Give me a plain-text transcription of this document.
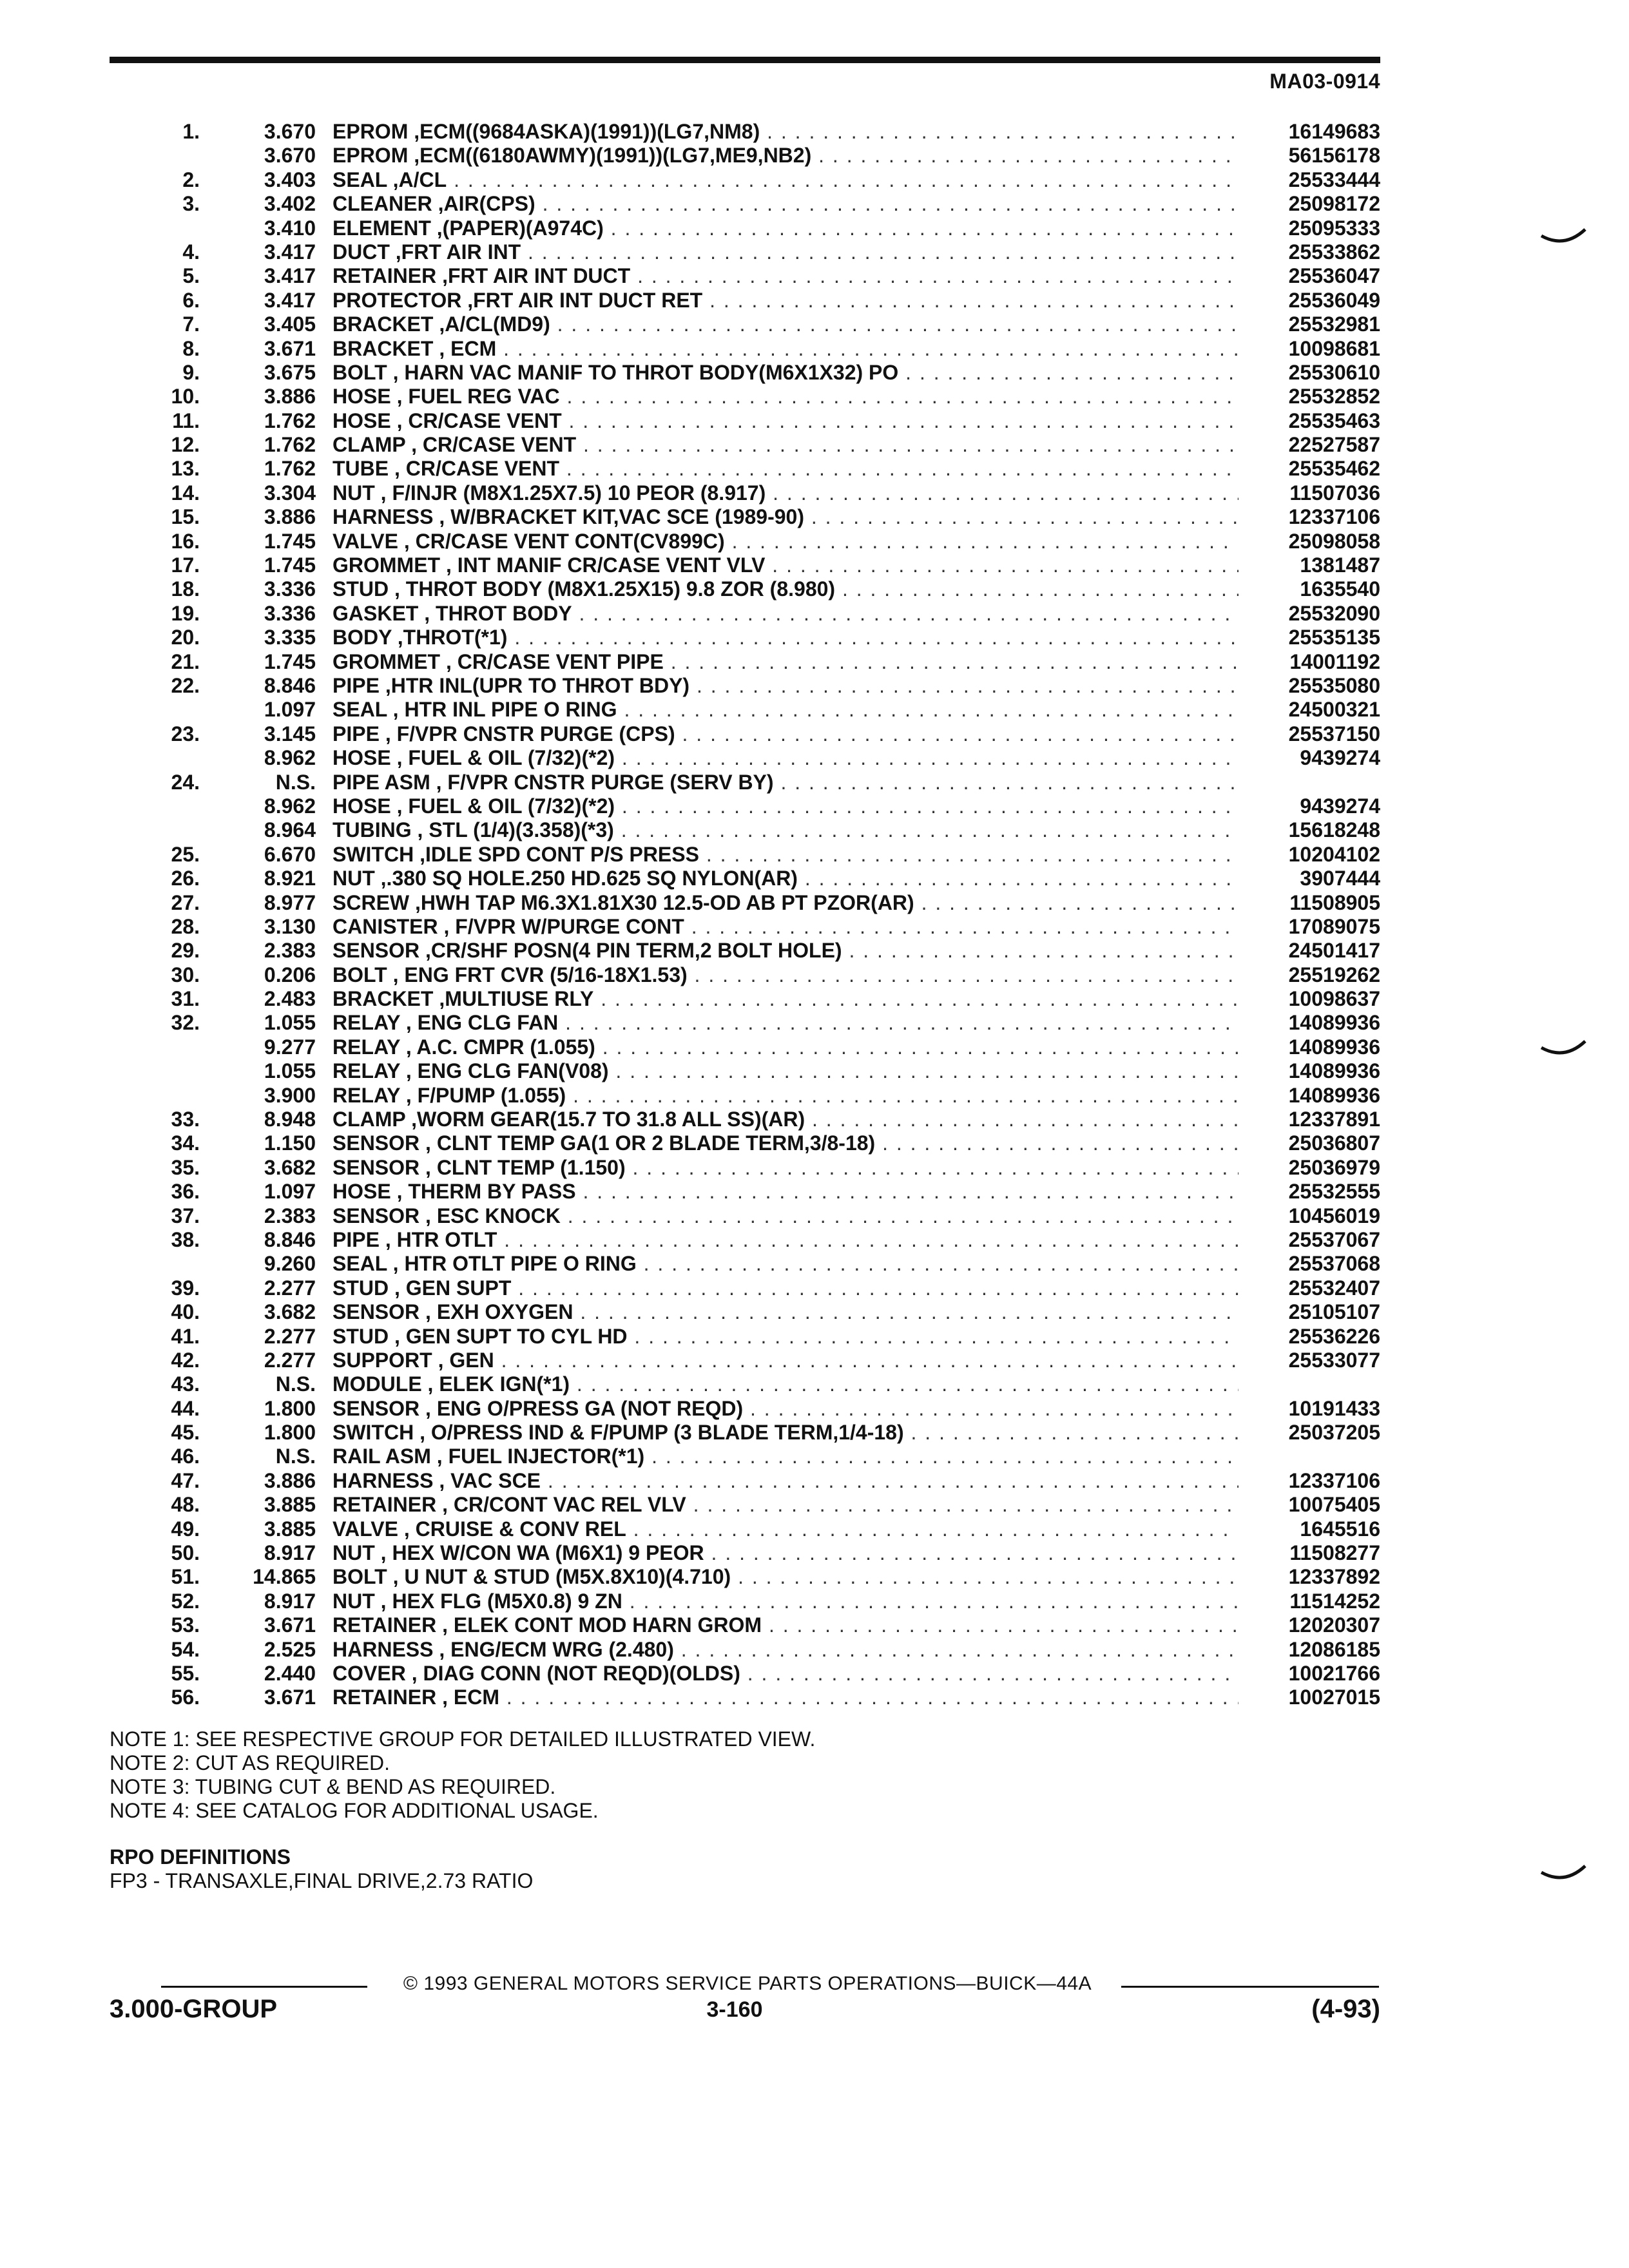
MA03-0914
1.	3.670 EPROM ,ECM((9684ASKA)(1991))(LG7,NM8) . . .	16149683
3.670 EPROM ,ECM((6180AWMY)(1991))(LG7,ME9,NB2) . . .	56156178
2.	3.403 SEAL ,A/CL . . .	25533444
3.	3.402 CLEANER ,AIR(CPS) . . .	25098172
3.410 ELEMENT ,(PAPER)(A974C) . . .	25095333
4.	3.417 DUCT ,FRT AIR INT . . .	25533862
5.	3.417 RETAINER ,FRT AIR INT DUCT . . .	25536047
6.	3.417 PROTECTOR ,FRT AIR INT DUCT RET . . .	25536049
7.	3.405 BRACKET ,A/CL(MD9) . . .	25532981
8.	3.671 BRACKET , ECM . . .	10098681
9.	3.675 BOLT , HARN VAC MANIF TO THROT BODY(M6X1X32) PO . . .	25530610
10.	3.886 HOSE , FUEL REG VAC . . .	25532852
11.	1.762 HOSE , CR/CASE VENT . . .	25535463
12.	1.762 CLAMP , CR/CASE VENT . . .	22527587
13.	1.762 TUBE , CR/CASE VENT . . .	25535462
14.	3.304 NUT , F/INJR (M8X1.25X7.5) 10 PEOR (8.917) . . .	11507036
15.	3.886 HARNESS , W/BRACKET KIT,VAC SCE (1989-90) . . .	12337106
16.	1.745 VALVE , CR/CASE VENT CONT(CV899C) . . .	25098058
17.	1.745 GROMMET , INT MANIF CR/CASE VENT VLV . . .	1381487
18.	3.336 STUD , THROT BODY (M8X1.25X15) 9.8 ZOR (8.980) . . .	1635540
19.	3.336 GASKET , THROT BODY . . .	25532090
20.	3.335 BODY ,THROT(*1) . . .	25535135
21.	1.745 GROMMET , CR/CASE VENT PIPE . . .	14001192
22.	8.846 PIPE ,HTR INL(UPR TO THROT BDY) . . .	25535080
1.097 SEAL , HTR INL PIPE O RING . . .	24500321
23.	3.145 PIPE , F/VPR CNSTR PURGE (CPS) . . .	25537150
8.962 HOSE , FUEL & OIL (7/32)(*2) . . .	9439274
24.	N.S. PIPE ASM , F/VPR CNSTR PURGE (SERV BY) . . .
8.962 HOSE , FUEL & OIL (7/32)(*2) . . .	9439274
8.964 TUBING , STL (1/4)(3.358)(*3) . . .	15618248
25.	6.670 SWITCH ,IDLE SPD CONT P/S PRESS . . .	10204102
26.	8.921 NUT ,.380 SQ HOLE.250 HD.625 SQ NYLON(AR) . . .	3907444
27.	8.977 SCREW ,HWH TAP M6.3X1.81X30 12.5-OD AB PT PZOR(AR) . . .	11508905
28.	3.130 CANISTER , F/VPR W/PURGE CONT . . .	17089075
29.	2.383 SENSOR ,CR/SHF POSN(4 PIN TERM,2 BOLT HOLE) . . .	24501417
30.	0.206 BOLT , ENG FRT CVR (5/16-18X1.53) . . .	25519262
31.	2.483 BRACKET ,MULTIUSE RLY . . .	10098637
32.	1.055 RELAY , ENG CLG FAN . . .	14089936
9.277 RELAY , A.C. CMPR (1.055) . . .	14089936
1.055 RELAY , ENG CLG FAN(V08) . . .	14089936
3.900 RELAY , F/PUMP (1.055) . . .	14089936
33.	8.948 CLAMP ,WORM GEAR(15.7 TO 31.8 ALL SS)(AR) . . .	12337891
34.	1.150 SENSOR , CLNT TEMP GA(1 OR 2 BLADE TERM,3/8-18) . . .	25036807
35.	3.682 SENSOR , CLNT TEMP (1.150) . . .	25036979
36.	1.097 HOSE , THERM BY PASS . . .	25532555
37.	2.383 SENSOR , ESC KNOCK . . .	10456019
38.	8.846 PIPE , HTR OTLT . . .	25537067
9.260 SEAL , HTR OTLT PIPE O RING . . .	25537068
39.	2.277 STUD , GEN SUPT . . .	25532407
40.	3.682 SENSOR , EXH OXYGEN . . .	25105107
41.	2.277 STUD , GEN SUPT TO CYL HD . . .	25536226
42.	2.277 SUPPORT , GEN . . .	25533077
43.	N.S. MODULE , ELEK IGN(*1) . . .
44.	1.800 SENSOR , ENG O/PRESS GA (NOT REQD) . . .	10191433
45.	1.800 SWITCH , O/PRESS IND & F/PUMP (3 BLADE TERM,1/4-18) . . .	25037205
46.	N.S. RAIL ASM , FUEL INJECTOR(*1) . . .
47.	3.886 HARNESS , VAC SCE . . .	12337106
48.	3.885 RETAINER , CR/CONT VAC REL VLV . . .	10075405
49.	3.885 VALVE , CRUISE & CONV REL . . .	1645516
50.	8.917 NUT , HEX W/CON WA (M6X1) 9 PEOR . . .	11508277
51.	14.865 BOLT , U NUT & STUD (M5X.8X10)(4.710) . . .	12337892
52.	8.917 NUT , HEX FLG (M5X0.8) 9 ZN . . .	11514252
53.	3.671 RETAINER , ELEK CONT MOD HARN GROM . . .	12020307
54.	2.525 HARNESS , ENG/ECM WRG (2.480) . . .	12086185
55.	2.440 COVER , DIAG CONN (NOT REQD)(OLDS) . . .	10021766
56.	3.671 RETAINER , ECM . . .	10027015
NOTE 1: SEE RESPECTIVE GROUP FOR DETAILED ILLUSTRATED VIEW.
NOTE 2: CUT AS REQUIRED.
NOTE 3: TUBING CUT & BEND AS REQUIRED.
NOTE 4: SEE CATALOG FOR ADDITIONAL USAGE.
RPO DEFINITIONS
FP3 - TRANSAXLE,FINAL DRIVE,2.73 RATIO
© 1993 GENERAL MOTORS SERVICE PARTS OPERATIONS—BUICK—44A
3.000-GROUP	3-160	(4-93)
